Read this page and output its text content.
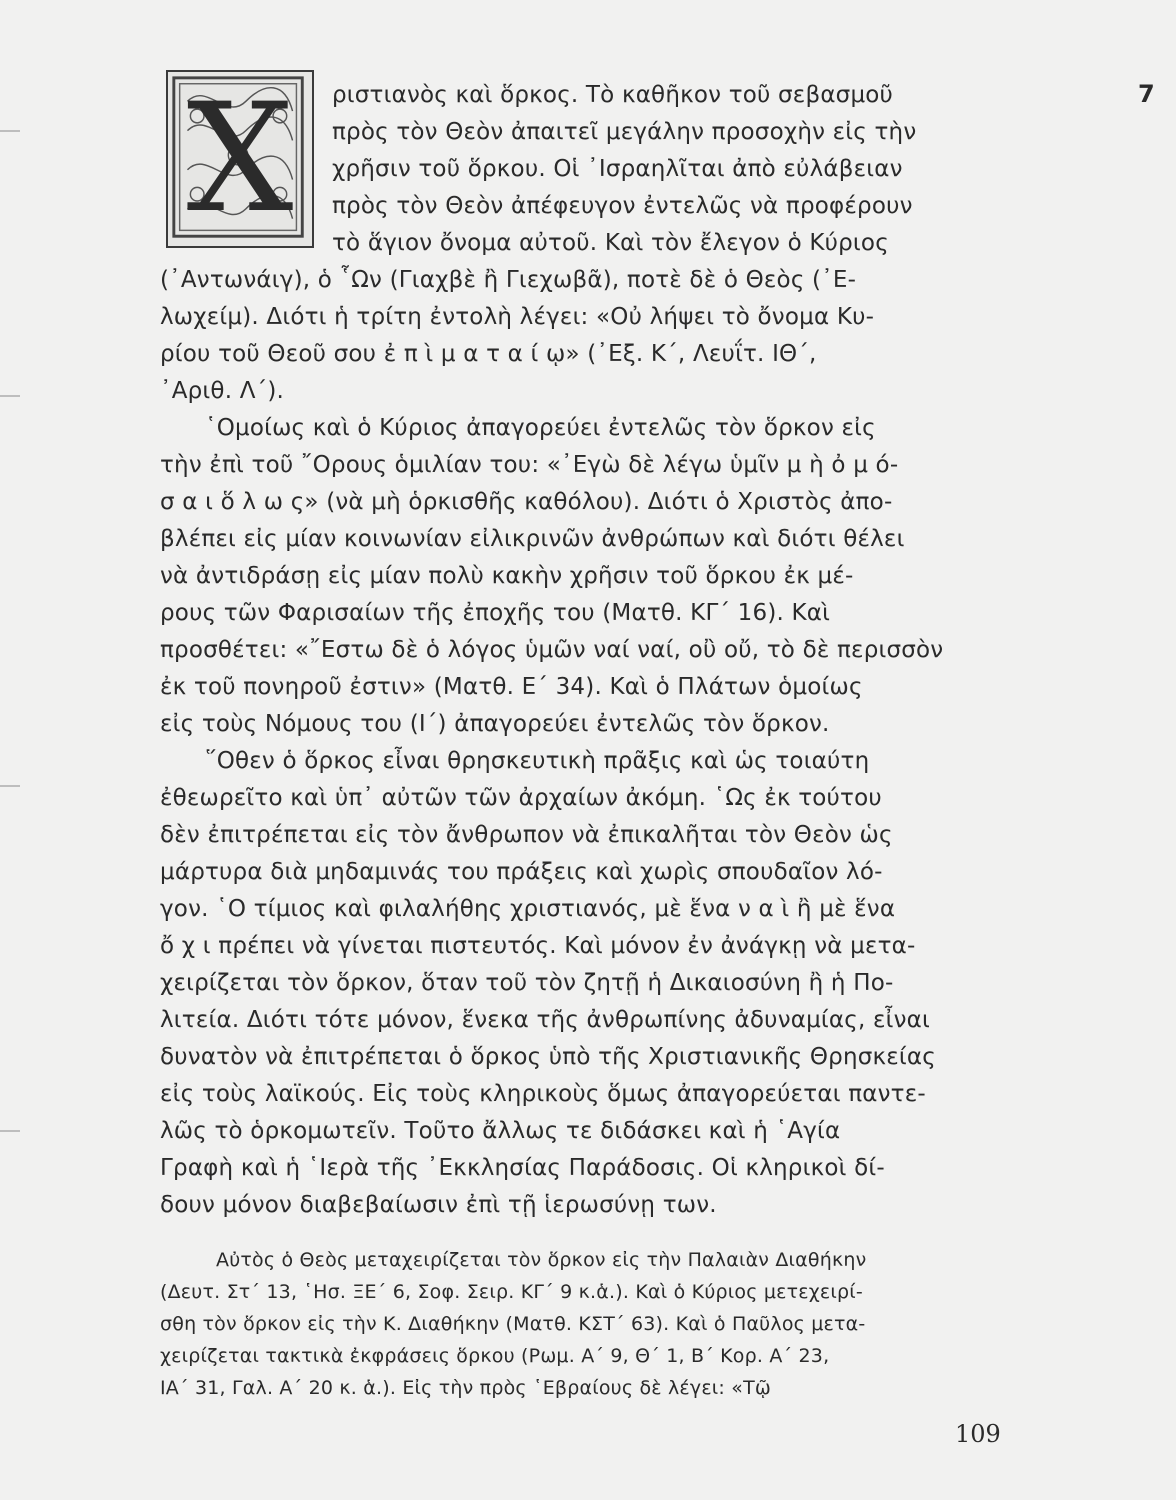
Χ	7
ριστιανὸς καὶ ὅρκος. Τὸ καθῆκον τοῦ σεβασμοῦ
πρὸς τὸν Θεὸν ἀπαιτεῖ μεγάλην προσοχὴν εἰς τὴν
χρῆσιν τοῦ ὅρκου. Οἱ ᾽Ισραηλῖται ἀπὸ εὐλάβειαν
πρὸς τὸν Θεὸν ἀπέφευγον ἐντελῶς νὰ προφέρουν
τὸ ἅγιον ὄνομα αὐτοῦ. Καὶ τὸν ἔλεγον ὁ Κύριος
(᾽Αντωνάιγ), ὁ ῟Ων (Γιαχβὲ ἢ Γιεχωβᾶ), ποτὲ δὲ ὁ Θεὸς (᾽Ε-
λωχείμ). Διότι ἡ τρίτη ἐντολὴ λέγει: «Οὐ λήψει τὸ ὄνομα Κυ-
ρίου τοῦ Θεοῦ σου ἐ π ὶ μ α τ α ί ῳ» (᾽Εξ. Κ΄, Λευΐτ. ΙΘ΄,
᾽Αριθ. Λ΄).
῾Ομοίως καὶ ὁ Κύριος ἀπαγορεύει ἐντελῶς τὸν ὅρκον εἰς
τὴν ἐπὶ τοῦ ῎Ορους ὁμιλίαν του: «᾽Εγὼ δὲ λέγω ὑμῖν μ ὴ ὀ μ ό-
σ α ι ὅ λ ω ς» (νὰ μὴ ὁρκισθῆς καθόλου). Διότι ὁ Χριστὸς ἀπο-
βλέπει εἰς μίαν κοινωνίαν εἰλικρινῶν ἀνθρώπων καὶ διότι θέλει
νὰ ἀντιδράσῃ εἰς μίαν πολὺ κακὴν χρῆσιν τοῦ ὅρκου ἐκ μέ-
ρους τῶν Φαρισαίων τῆς ἐποχῆς του (Ματθ. ΚΓ΄ 16). Καὶ
προσθέτει: «῎Εστω δὲ ὁ λόγος ὑμῶν ναί ναί, οὒ οὔ, τὸ δὲ περισσὸν
ἐκ τοῦ πονηροῦ ἐστιν» (Ματθ. Ε΄ 34). Καὶ ὁ Πλάτων ὁμοίως
εἰς τοὺς Νόμους του (Ι΄) ἀπαγορεύει ἐντελῶς τὸν ὅρκον.
῞Οθεν ὁ ὅρκος εἶναι θρησκευτικὴ πρᾶξις καὶ ὡς τοιαύτη
ἐθεωρεῖτο καὶ ὑπ᾽ αὐτῶν τῶν ἀρχαίων ἀκόμη. ῾Ως ἐκ τούτου
δὲν ἐπιτρέπεται εἰς τὸν ἄνθρωπον νὰ ἐπικαλῆται τὸν Θεὸν ὡς
μάρτυρα διὰ μηδαμινάς του πράξεις καὶ χωρὶς σπουδαῖον λό-
γον. ῾Ο τίμιος καὶ φιλαλήθης χριστιανός, μὲ ἕνα ν α ὶ ἢ μὲ ἕνα
ὄ χ ι πρέπει νὰ γίνεται πιστευτός. Καὶ μόνον ἐν ἀνάγκῃ νὰ μετα-
χειρίζεται τὸν ὅρκον, ὅταν τοῦ τὸν ζητῇ ἡ Δικαιοσύνη ἢ ἡ Πο-
λιτεία. Διότι τότε μόνον, ἕνεκα τῆς ἀνθρωπίνης ἀδυναμίας, εἶναι
δυνατὸν νὰ ἐπιτρέπεται ὁ ὅρκος ὑπὸ τῆς Χριστιανικῆς Θρησκείας
εἰς τοὺς λαϊκούς. Εἰς τοὺς κληρικοὺς ὅμως ἀπαγορεύεται παντε-
λῶς τὸ ὁρκομωτεῖν. Τοῦτο ἄλλως τε διδάσκει καὶ ἡ ῾Αγία
Γραφὴ καὶ ἡ ῾Ιερὰ τῆς ᾽Εκκλησίας Παράδοσις. Οἱ κληρικοὶ δί-
δουν μόνον διαβεβαίωσιν ἐπὶ τῇ ἱερωσύνῃ των.
Αὐτὸς ὁ Θεὸς μεταχειρίζεται τὸν ὅρκον εἰς τὴν Παλαιὰν Διαθήκην
(Δευτ. Στ΄ 13, ῾Ησ. ΞΕ΄ 6, Σοφ. Σειρ. ΚΓ΄ 9 κ.ἁ.). Καὶ ὁ Κύριος μετεχειρί-
σθη τὸν ὅρκον εἰς τὴν Κ. Διαθήκην (Ματθ. ΚΣΤ΄ 63). Καὶ ὁ Παῦλος μετα-
χειρίζεται τακτικὰ ἐκφράσεις ὅρκου (Ρωμ. Α΄ 9, Θ΄ 1, Β΄ Κορ. Α΄ 23,
ΙΑ΄ 31, Γαλ. Α΄ 20 κ. ἁ.). Εἰς τὴν πρὸς ῾Εβραίους δὲ λέγει: «Τῷ
109
